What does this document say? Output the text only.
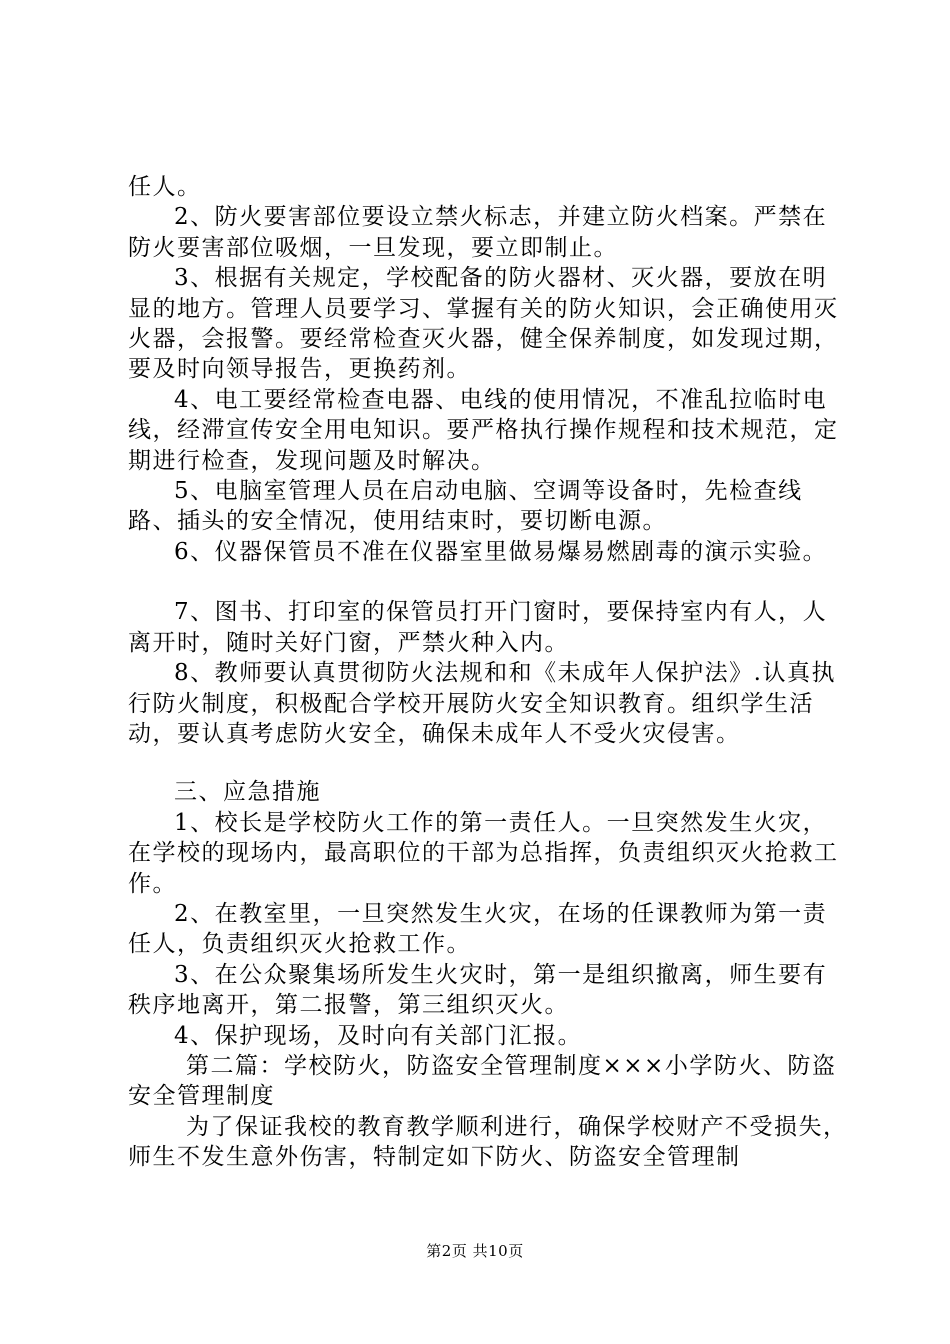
任人。

2、防火要害部位要设立禁火标志，并建立防火档案。严禁在防火要害部位吸烟，一旦发现，要立即制止。

3、根据有关规定，学校配备的防火器材、灭火器，要放在明显的地方。管理人员要学习、掌握有关的防火知识，会正确使用灭火器，会报警。要经常检查灭火器，健全保养制度，如发现过期，要及时向领导报告，更换药剂。

4、电工要经常检查电器、电线的使用情况，不准乱拉临时电线，经滞宣传安全用电知识。要严格执行操作规程和技术规范，定期进行检查，发现问题及时解决。

5、电脑室管理人员在启动电脑、空调等设备时，先检查线路、插头的安全情况，使用结束时，要切断电源。

6、仪器保管员不准在仪器室里做易爆易燃剧毒的演示实验。

7、图书、打印室的保管员打开门窗时，要保持室内有人，人离开时，随时关好门窗，严禁火种入内。

8、教师要认真贯彻防火法规和和《未成年人保护法》.认真执行防火制度，积极配合学校开展防火安全知识教育。组织学生活动，要认真考虑防火安全，确保未成年人不受火灾侵害。

三、应急措施

1、校长是学校防火工作的第一责任人。一旦突然发生火灾，在学校的现场内，最高职位的干部为总指挥，负责组织灭火抢救工作。

2、在教室里，一旦突然发生火灾，在场的任课教师为第一责任人，负责组织灭火抢救工作。

3、在公众聚集场所发生火灾时，第一是组织撤离，师生要有秩序地离开，第二报警，第三组织灭火。

4、保护现场，及时向有关部门汇报。

第二篇：学校防火，防盗安全管理制度×××小学防火、防盗安全管理制度

为了保证我校的教育教学顺利进行，确保学校财产不受损失，师生不发生意外伤害，特制定如下防火、防盗安全管理制

第2页 共10页
